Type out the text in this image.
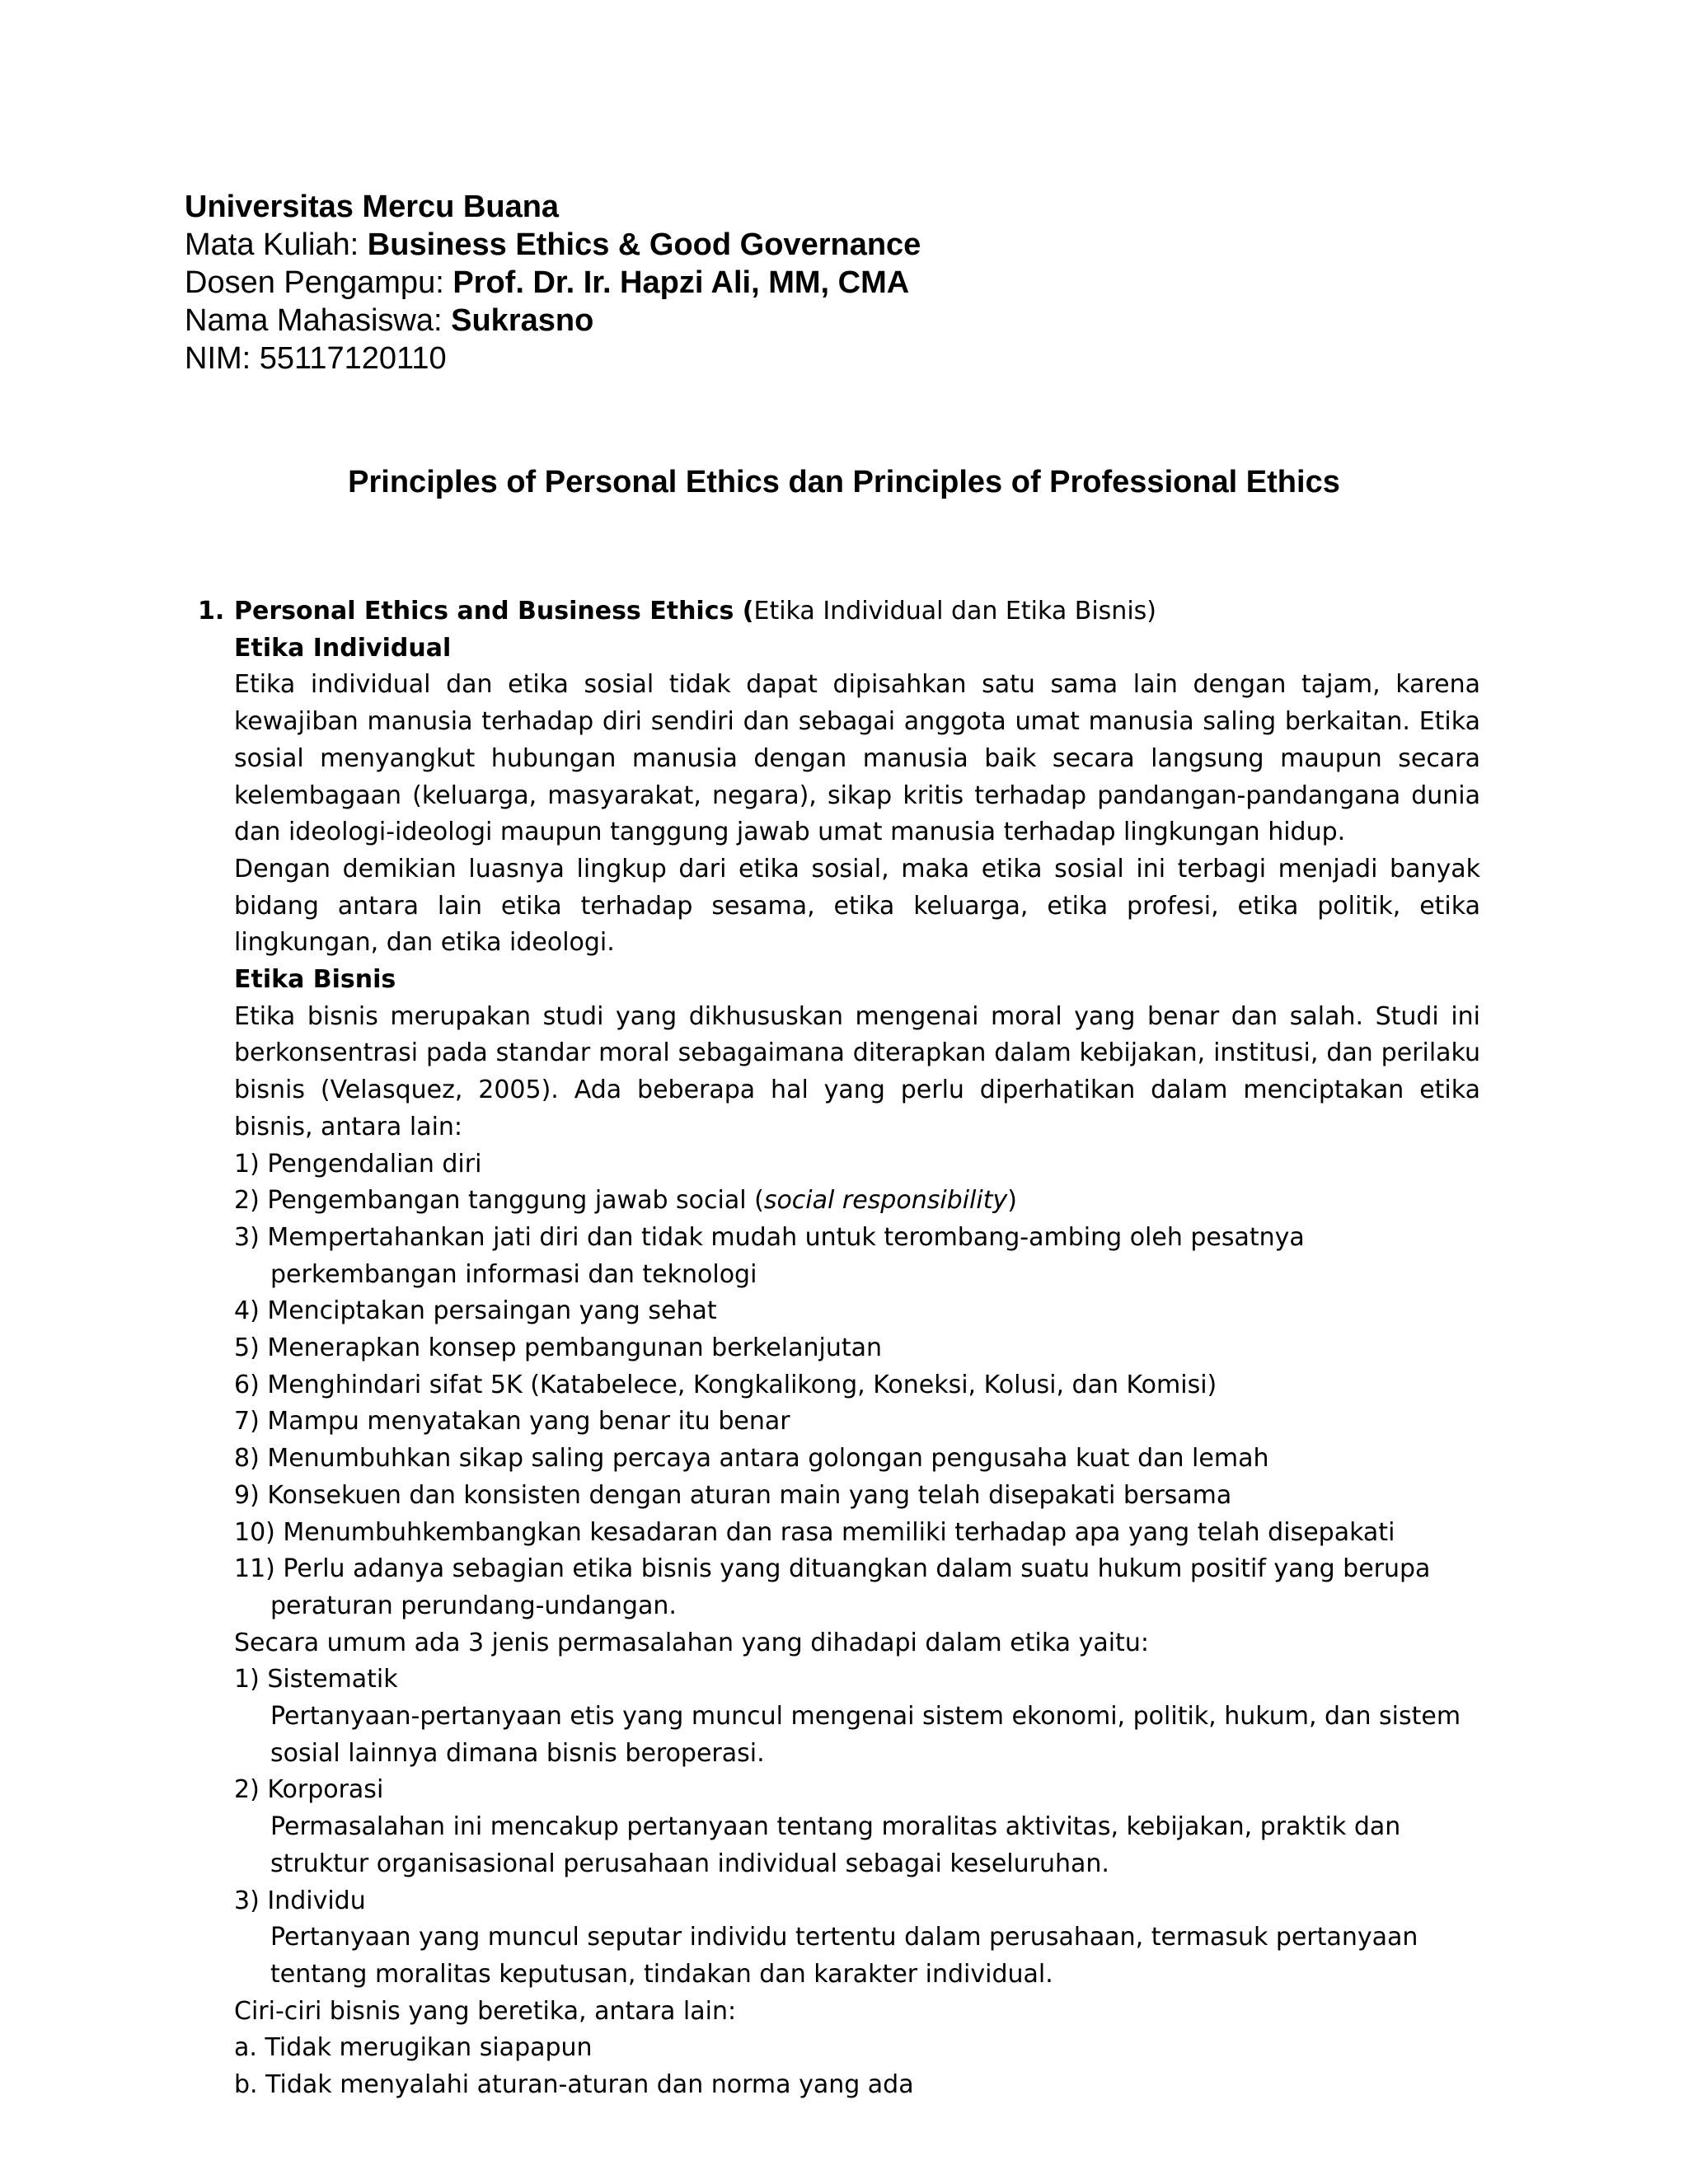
Universitas Mercu Buana
Mata Kuliah: Business Ethics & Good Governance
Dosen Pengampu: Prof. Dr. Ir. Hapzi Ali, MM, CMA
Nama Mahasiswa: Sukrasno
NIM: 55117120110
Principles of Personal Ethics dan Principles of Professional Ethics
1. Personal Ethics and Business Ethics (Etika Individual dan Etika Bisnis)
Etika Individual
Etika individual dan etika sosial tidak dapat dipisahkan satu sama lain dengan tajam, karena kewajiban manusia terhadap diri sendiri dan sebagai anggota umat manusia saling berkaitan. Etika sosial menyangkut hubungan manusia dengan manusia baik secara langsung maupun secara kelembagaan (keluarga, masyarakat, negara), sikap kritis terhadap pandangan-pandangana dunia dan ideologi-ideologi maupun tanggung jawab umat manusia terhadap lingkungan hidup.
Dengan demikian luasnya lingkup dari etika sosial, maka etika sosial ini terbagi menjadi banyak bidang antara lain etika terhadap sesama, etika keluarga, etika profesi, etika politik, etika lingkungan, dan etika ideologi.
Etika Bisnis
Etika bisnis merupakan studi yang dikhususkan mengenai moral yang benar dan salah. Studi ini berkonsentrasi pada standar moral sebagaimana diterapkan dalam kebijakan, institusi, dan perilaku bisnis (Velasquez, 2005). Ada beberapa hal yang perlu diperhatikan dalam menciptakan etika bisnis, antara lain:
1) Pengendalian diri
2) Pengembangan tanggung jawab social (social responsibility)
3) Mempertahankan jati diri dan tidak mudah untuk terombang-ambing oleh pesatnya perkembangan informasi dan teknologi
4) Menciptakan persaingan yang sehat
5) Menerapkan konsep pembangunan berkelanjutan
6) Menghindari sifat 5K (Katabelece, Kongkalikong, Koneksi, Kolusi, dan Komisi)
7) Mampu menyatakan yang benar itu benar
8) Menumbuhkan sikap saling percaya antara golongan pengusaha kuat dan lemah
9) Konsekuen dan konsisten dengan aturan main yang telah disepakati bersama
10) Menumbuhkembangkan kesadaran dan rasa memiliki terhadap apa yang telah disepakati
11) Perlu adanya sebagian etika bisnis yang dituangkan dalam suatu hukum positif yang berupa peraturan perundang-undangan.
Secara umum ada 3 jenis permasalahan yang dihadapi dalam etika yaitu:
1) Sistematik
Pertanyaan-pertanyaan etis yang muncul mengenai sistem ekonomi, politik, hukum, dan sistem sosial lainnya dimana bisnis beroperasi.
2) Korporasi
Permasalahan ini mencakup pertanyaan tentang moralitas aktivitas, kebijakan, praktik dan struktur organisasional perusahaan individual sebagai keseluruhan.
3) Individu
Pertanyaan yang muncul seputar individu tertentu dalam perusahaan, termasuk pertanyaan tentang moralitas keputusan, tindakan dan karakter individual.
Ciri-ciri bisnis yang beretika, antara lain:
a. Tidak merugikan siapapun
b. Tidak menyalahi aturan-aturan dan norma yang ada
